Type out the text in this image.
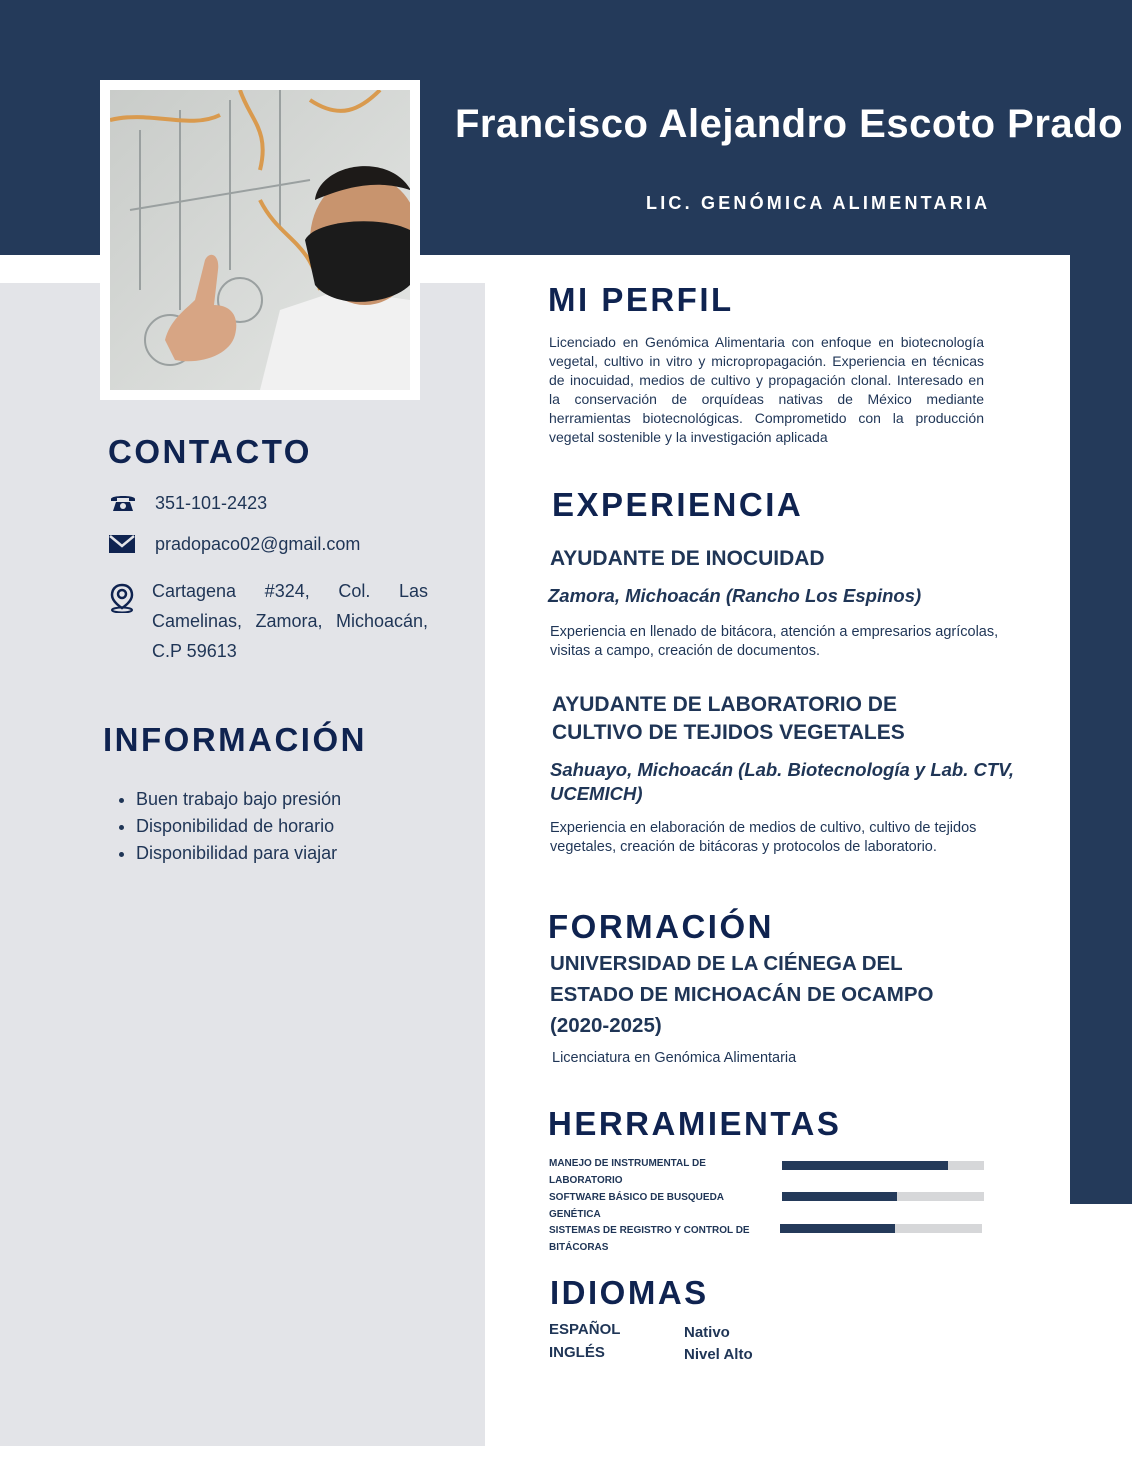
Francisco Alejandro Escoto Prado
LIC. GENÓMICA ALIMENTARIA
CONTACTO
351-101-2423
pradopaco02@gmail.com
Cartagena #324, Col. Las Camelinas, Zamora, Michoacán, C.P 59613
INFORMACIÓN
• Buen trabajo bajo presión
• Disponibilidad de horario
• Disponibilidad para viajar
MI PERFIL
Licenciado en Genómica Alimentaria con enfoque en biotecnología vegetal, cultivo in vitro y micropropagación. Experiencia en técnicas de inocuidad, medios de cultivo y propagación clonal. Interesado en la conservación de orquídeas nativas de México mediante herramientas biotecnológicas. Comprometido con la producción vegetal sostenible y la investigación aplicada
EXPERIENCIA
AYUDANTE DE INOCUIDAD
Zamora, Michoacán (Rancho Los Espinos)
Experiencia en llenado de bitácora, atención a empresarios agrícolas, visitas a campo, creación de documentos.
AYUDANTE DE LABORATORIO DE CULTIVO DE TEJIDOS VEGETALES
Sahuayo, Michoacán (Lab. Biotecnología y Lab. CTV, UCEMICH)
Experiencia en elaboración de medios de cultivo, cultivo de tejidos vegetales, creación de bitácoras y protocolos de laboratorio.
FORMACIÓN
UNIVERSIDAD DE LA CIÉNEGA DEL ESTADO DE MICHOACÁN DE OCAMPO
(2020-2025)
Licenciatura en Genómica Alimentaria
HERRAMIENTAS
MANEJO DE INSTRUMENTAL DE LABORATORIO
SOFTWARE BÁSICO DE BUSQUEDA GENÉTICA
SISTEMAS DE REGISTRO Y CONTROL DE BITÁCORAS
IDIOMAS
ESPAÑOL	Nativo
INGLÉS	Nivel Alto
